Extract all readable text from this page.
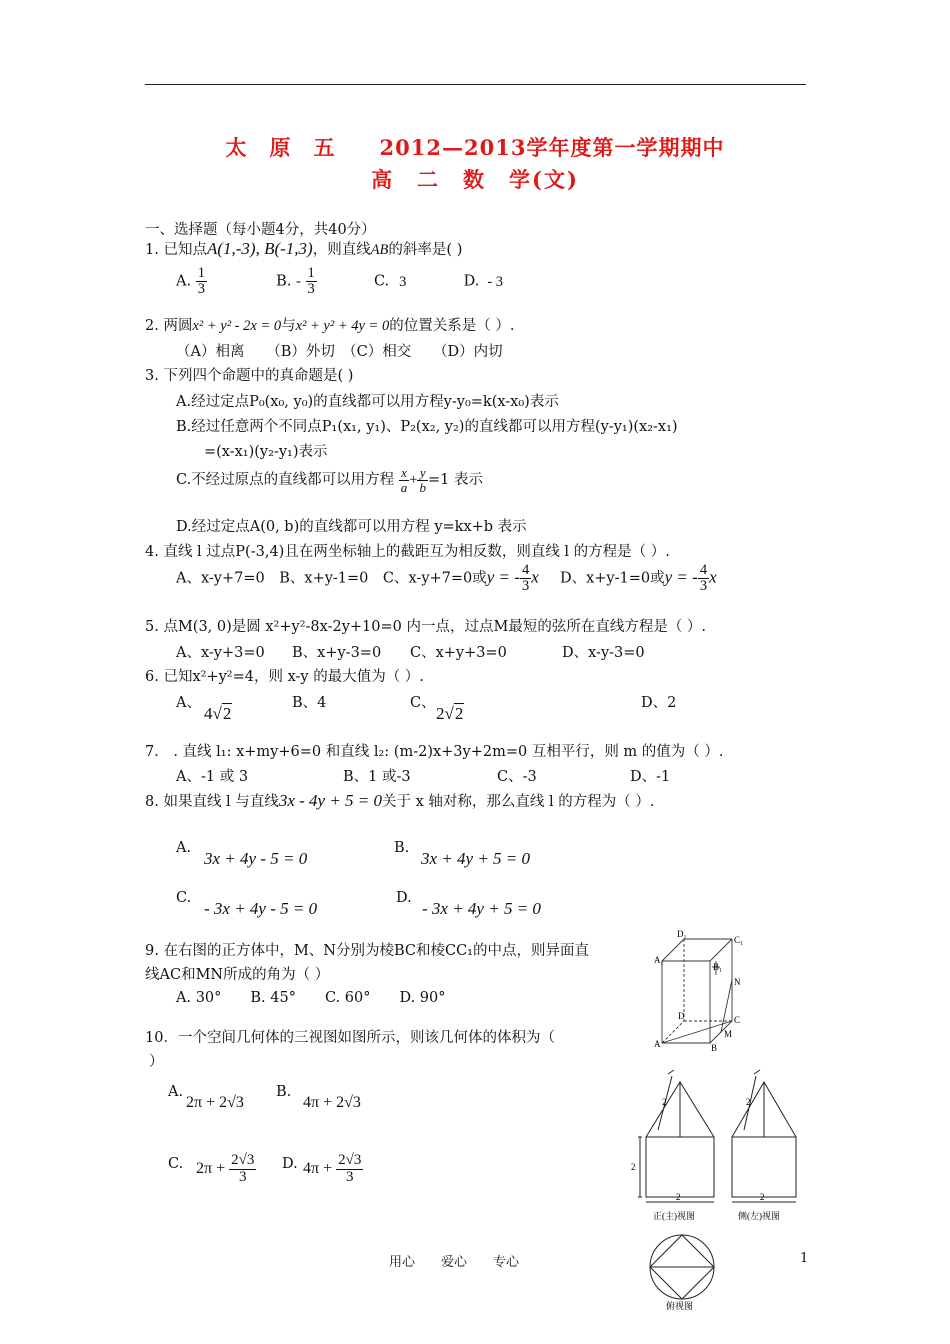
太　原　五　　2012—2013学年度第一学期期中
高　二　数　学(文)
一、选择题（每小题4分，共40分）
1. 已知点A(1,-3), B(-1,3)，则直线AB的斜率是( )
A. $\frac{1}{3}$	B. - $\frac{1}{3}$	C. 3	D. - 3
2. 两圆x² + y² - 2x = 0与x² + y² + 4y = 0的位置关系是（ ）.
（A）相离　　（B）外切　（C）相交　　（D）内切
3. 下列四个命题中的真命题是( )
A.经过定点P₀(x₀, y₀)的直线都可以用方程y-y₀=k(x-x₀)表示
B.经过任意两个不同点P₁(x₁, y₁)、P₂(x₂, y₂)的直线都可以用方程(y-y₁)(x₂-x₁)
=(x-x₁)(y₂-y₁)表示
C.不经过原点的直线都可以用方程 $\frac{x}{a} + \frac{y}{b} =1$ 表示
D.经过定点A(0, b)的直线都可以用方程 y=kx+b 表示
4. 直线 l 过点P(-3,4)且在两坐标轴上的截距互为相反数，则直线 l 的方程是（ ）.
A、x-y+7=0　B、x+y-1=0　C、x-y+7=0或y = - $\frac{4}{3}$ x D、x+y-1=0或y = - $\frac{4}{3}$ x
5. 点M(3, 0)是圆 x²+y²-8x-2y+10=0 内一点，过点M最短的弦所在直线方程是（ ）.
A、x-y+3=0 B、x+y-3=0 C、x+y+3=0	D、x-y-3=0
6. 已知x²+y²=4，则 x-y 的最大值为（ ）.
A、
4√2
B、4	C、
2√2
D、2
7． . 直线 l₁: x+my+6=0 和直线 l₂: (m-2)x+3y+2m=0 互相平行，则 m 的值为（ ）.
A、-1 或 3	B、1 或-3	C、-3	D、-1
8. 如果直线 l 与直线3x - 4y + 5 = 0关于 x 轴对称，那么直线 l 的方程为（ ）.
A.
3x + 4y - 5 = 0
B.
3x + 4y + 5 = 0
C.
- 3x + 4y - 5 = 0
D.
- 3x + 4y + 5 = 0
9. 在右图的正方体中，M、N分别为棱BC和棱CC₁的中点，则异面直
线AC和MN所成的角为（ ）
A. 30°　　B. 45°　　C. 60°　　D. 90°
D₁
C₁
A₁
B₁
N
D	C
A	B
M
10．一个空间几何体的三视图如图所示，则该几何体的体积为（
）
A.
2π + 2√3
B.
4π + 2√3
C. $2\pi + \frac{2√3}{3} D$. $4\pi + \frac{2√3}{3}$
2
2
2
2
2
正(主)视图	侧(左)视图
俯视图
用心　　爱心　　专心	1
